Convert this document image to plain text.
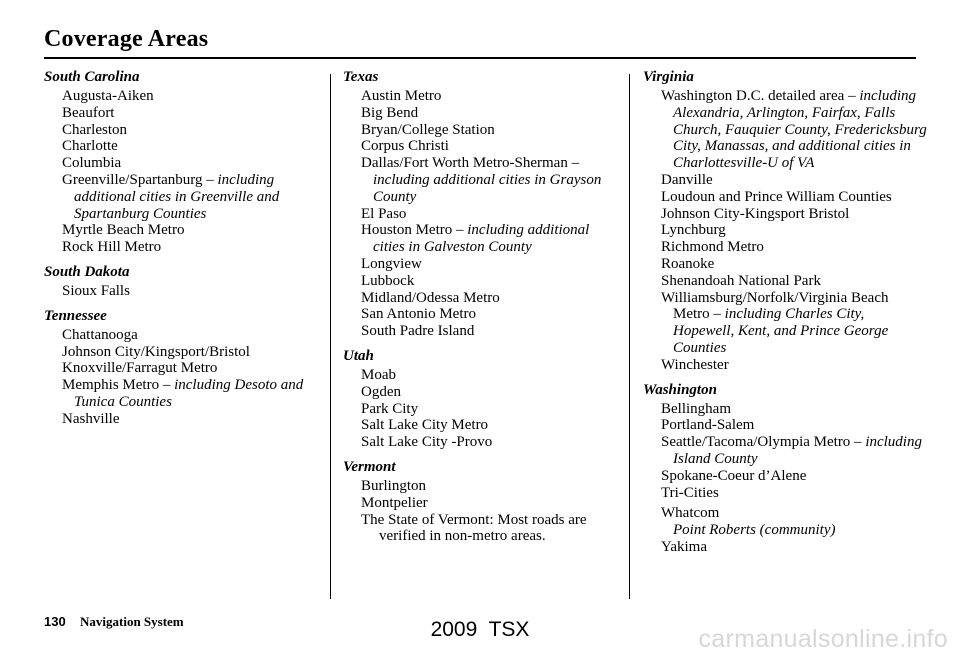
Coverage Areas
South Carolina
Augusta-Aiken
Beaufort
Charleston
Charlotte
Columbia
Greenville/Spartanburg – including additional cities in Greenville and Spartanburg Counties
Myrtle Beach Metro
Rock Hill Metro
South Dakota
Sioux Falls
Tennessee
Chattanooga
Johnson City/Kingsport/Bristol
Knoxville/Farragut Metro
Memphis Metro – including Desoto and Tunica Counties
Nashville
Texas
Austin Metro
Big Bend
Bryan/College Station
Corpus Christi
Dallas/Fort Worth Metro-Sherman – including additional cities in Grayson County
El Paso
Houston Metro – including additional cities in Galveston County
Longview
Lubbock
Midland/Odessa Metro
San Antonio Metro
South Padre Island
Utah
Moab
Ogden
Park City
Salt Lake City Metro
Salt Lake City -Provo
Vermont
Burlington
Montpelier
The State of Vermont: Most roads are verified in non-metro areas.
Virginia
Washington D.C. detailed area – including Alexandria, Arlington, Fairfax, Falls Church, Fauquier County, Fredericksburg City, Manassas, and additional cities in Charlottesville-U of VA
Danville
Loudoun and Prince William Counties
Johnson City-Kingsport Bristol
Lynchburg
Richmond Metro
Roanoke
Shenandoah National Park
Williamsburg/Norfolk/Virginia Beach Metro – including Charles City, Hopewell, Kent, and Prince George Counties
Winchester
Washington
Bellingham
Portland-Salem
Seattle/Tacoma/Olympia Metro – including Island County
Spokane-Coeur d’Alene
Tri-Cities
Whatcom
Point Roberts (community)
Yakima
130 Navigation System	2009  TSX	carmanualsonline.info
